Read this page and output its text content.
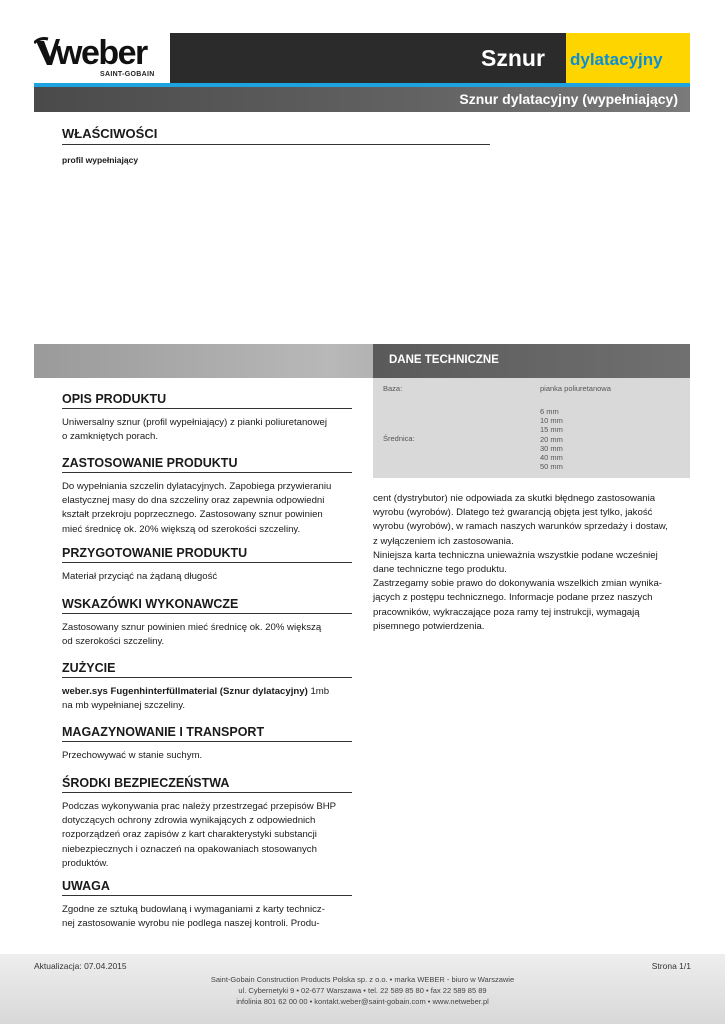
weber
SAINT-GOBAIN
Sznur dylatacyjny
Sznur dylatacyjny (wypełniający)
WŁAŚCIWOŚCI
profil wypełniający
DANE TECHNICZNE
Baza:	pianka poliuretanowa
Średnica:
6 mm
10 mm
15 mm
20 mm
30 mm
40 mm
50 mm
OPIS PRODUKTU
Uniwersalny sznur (profil wypełniający) z pianki poliuretanowej
o zamkniętych porach.
ZASTOSOWANIE PRODUKTU
Do wypełniania szczelin dylatacyjnych. Zapobiega przywieraniu
elastycznej masy do dna szczeliny oraz zapewnia odpowiedni
kształt przekroju poprzecznego. Zastosowany sznur powinien
mieć średnicę ok. 20% większą od szerokości szczeliny.
PRZYGOTOWANIE PRODUKTU
Materiał przyciąć na żądaną długość
WSKAZÓWKI WYKONAWCZE
Zastosowany sznur powinien mieć średnicę ok. 20% większą
od szerokości szczeliny.
ZUŻYCIE
weber.sys Fugenhinterfüllmaterial (Sznur dylatacyjny) 1mb
na mb wypełnianej szczeliny.
MAGAZYNOWANIE I TRANSPORT
Przechowywać w stanie suchym.
ŚRODKI BEZPIECZEŃSTWA
Podczas wykonywania prac należy przestrzegać przepisów BHP
dotyczących ochrony zdrowia wynikających z odpowiednich
rozporządzeń oraz zapisów z kart charakterystyki substancji
niebezpiecznych i oznaczeń na opakowaniach stosowanych
produktów.
UWAGA
Zgodne ze sztuką budowlaną i wymaganiami z karty technicz-
nej zastosowanie wyrobu nie podlega naszej kontroli. Produ-
cent (dystrybutor) nie odpowiada za skutki błędnego zastosowania
wyrobu (wyrobów). Dlatego też gwarancją objęta jest tylko, jakość
wyrobu (wyrobów), w ramach naszych warunków sprzedaży i dostaw,
z wyłączeniem ich zastosowania.
Niniejsza karta techniczna unieważnia wszystkie podane wcześniej
dane techniczne tego produktu.
Zastrzegamy sobie prawo do dokonywania wszelkich zmian wynika-
jących z postępu technicznego. Informacje podane przez naszych
pracowników, wykraczające poza ramy tej instrukcji, wymagają
pisemnego potwierdzenia.
Aktualizacja: 07.04.2015	Strona 1/1
Saint-Gobain Construction Products Polska sp. z o.o. • marka WEBER - biuro w Warszawie
ul. Cybernetyki 9 • 02-677 Warszawa • tel. 22 589 85 80 • fax 22 589 85 89
infolinia 801 62 00 00 • kontakt.weber@saint-gobain.com • www.netweber.pl
